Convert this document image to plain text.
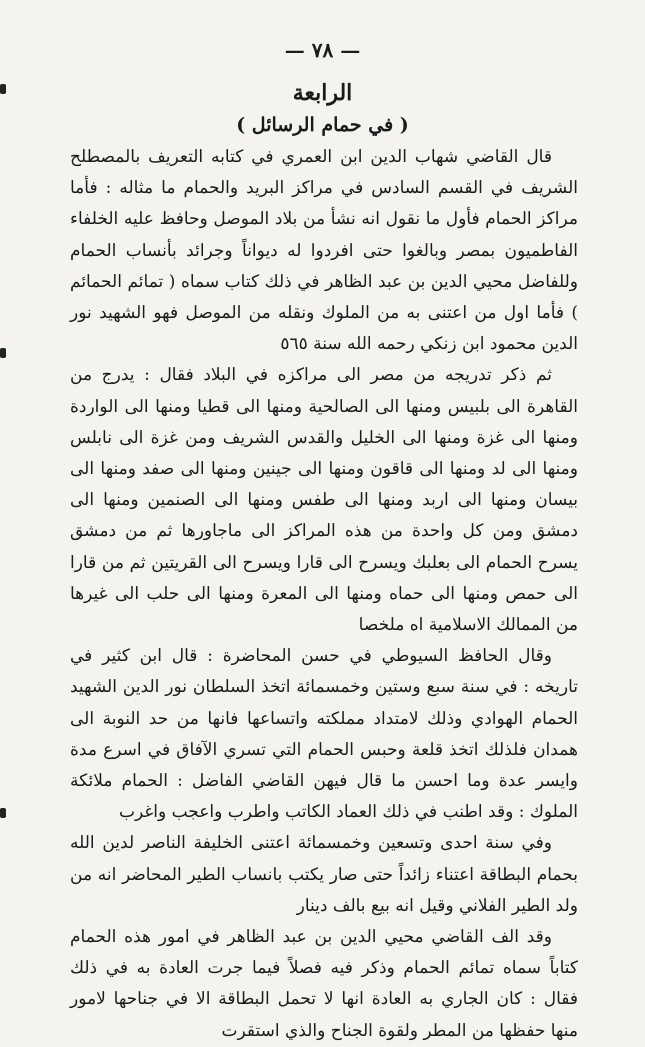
— ٧٨ —
الرابعة
( في حمام الرسائل )

قال القاضي شهاب الدين ابن العمري في كتابه التعريف بالمصطلح الشريف في القسم السادس في مراكز البريد والحمام ما مثاله : فأما مراكز الحمام فأول ما نقول انه نشأ من بلاد الموصل وحافظ عليه الخلفاء الفاطميون بمصر وبالغوا حتى افردوا له ديواناً وجرائد بأنساب الحمام وللفاضل محيي الدين بن عبد الظاهر في ذلك كتاب سماه ( تمائم الحمائم ) فأما اول من اعتنى به من الملوك ونقله من الموصل فهو الشهيد نور الدين محمود ابن زنكي رحمه الله سنة ٥٦٥

ثم ذكر تدريجه من مصر الى مراكزه في البلاد فقال : يدرج من القاهرة الى بلبيس ومنها الى الصالحية ومنها الى قطيا ومنها الى الواردة ومنها الى غزة ومنها الى الخليل والقدس الشريف ومن غزة الى نابلس ومنها الى لد ومنها الى قاقون ومنها الى جينين ومنها الى صفد ومنها الى بيسان ومنها الى اربد ومنها الى طفس ومنها الى الصنمين ومنها الى دمشق ومن كل واحدة من هذه المراكز الى ماجاورها ثم من دمشق يسرح الحمام الى بعلبك ويسرح الى قارا ويسرح الى القريتين ثم من قارا الى حمص ومنها الى حماه ومنها الى المعرة ومنها الى حلب الى غيرها من الممالك الاسلامية اه ملخصا

وقال الحافظ السيوطي في حسن المحاضرة : قال ابن كثير في تاريخه : في سنة سبع وستين وخمسمائة اتخذ السلطان نور الدين الشهيد الحمام الهوادي وذلك لامتداد مملكته واتساعها فانها من حد النوبة الى همدان فلذلك اتخذ قلعة وحبس الحمام التي تسري الآفاق في اسرع مدة وايسر عدة وما احسن ما قال فيهن القاضي الفاضل : الحمام ملائكة الملوك : وقد اطنب في ذلك العماد الكاتب واطرب واعجب واغرب

وفي سنة احدى وتسعين وخمسمائة اعتنى الخليفة الناصر لدين الله بحمام البطاقة اعتناء زائداً حتى صار يكتب بانساب الطير المحاضر انه من ولد الطير الفلاني وقيل انه بيع بالف دينار

وقد الف القاضي محيي الدين بن عبد الظاهر في امور هذه الحمام كتاباً سماه تمائم الحمام وذكر فيه فصلاً فيما جرت العادة به في ذلك فقال : كان الجاري به العادة انها لا تحمل البطاقة الا في جناحها لامور منها حفظها من المطر ولقوة الجناح والذي استقرت
